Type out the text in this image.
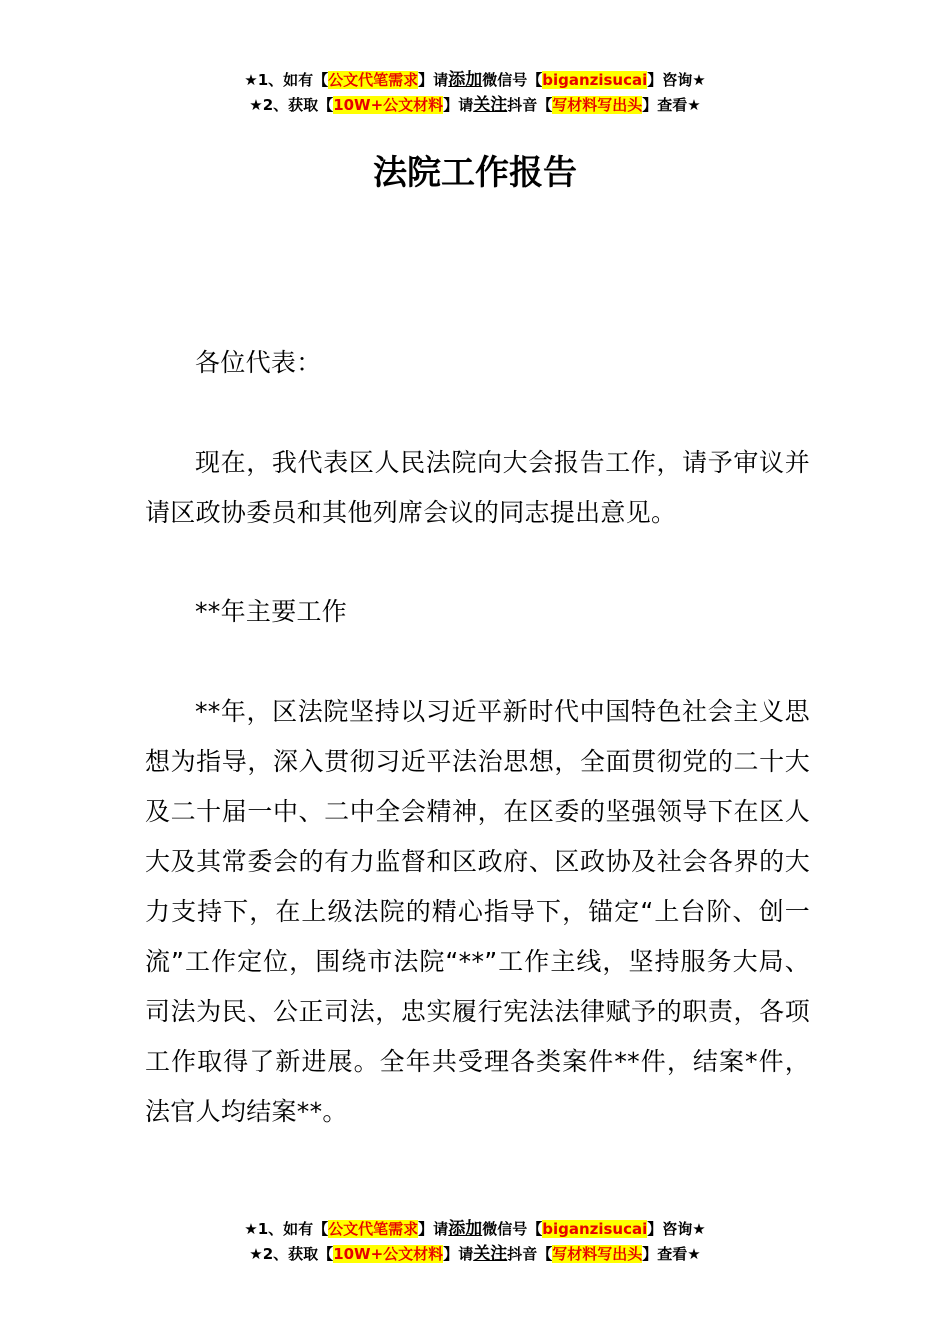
★1、如有【公文代笔需求】请添加微信号【biganzisucai】咨询★
★2、获取【10W+公文材料】请关注抖音【写材料写出头】查看★
法院工作报告
各位代表：
现在，我代表区人民法院向大会报告工作，请予审议并请区政协委员和其他列席会议的同志提出意见。
**年主要工作
**年，区法院坚持以习近平新时代中国特色社会主义思想为指导，深入贯彻习近平法治思想，全面贯彻党的二十大及二十届一中、二中全会精神，在区委的坚强领导下在区人大及其常委会的有力监督和区政府、区政协及社会各界的大力支持下，在上级法院的精心指导下，锚定“上台阶、创一流”工作定位，围绕市法院“**”工作主线，坚持服务大局、司法为民、公正司法，忠实履行宪法法律赋予的职责，各项工作取得了新进展。全年共受理各类案件**件，结案*件，法官人均结案**。
★1、如有【公文代笔需求】请添加微信号【biganzisucai】咨询★
★2、获取【10W+公文材料】请关注抖音【写材料写出头】查看★
